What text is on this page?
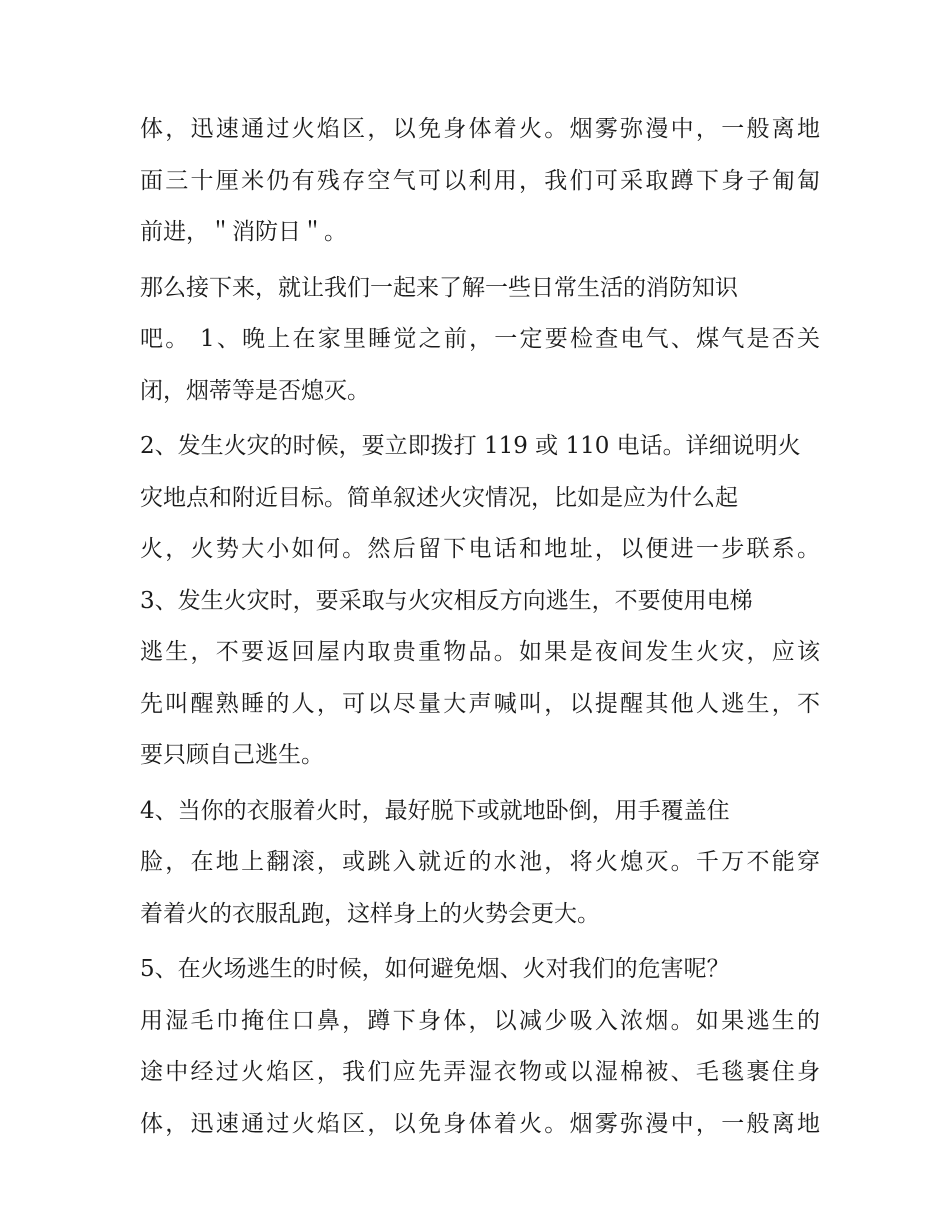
体，迅速通过火焰区，以免身体着火。烟雾弥漫中，一般离地
面三十厘米仍有残存空气可以利用，我们可采取蹲下身子匍匐
前进，＂消防日＂。
那么接下来，就让我们一起来了解一些日常生活的消防知识
吧。 1、晚上在家里睡觉之前，一定要检查电气、煤气是否关
闭，烟蒂等是否熄灭。
2、发生火灾的时候，要立即拨打 119 或 110 电话。详细说明火
灾地点和附近目标。简单叙述火灾情况，比如是应为什么起
火，火势大小如何。然后留下电话和地址，以便进一步联系。
3、发生火灾时，要采取与火灾相反方向逃生，不要使用电梯
逃生，不要返回屋内取贵重物品。如果是夜间发生火灾，应该
先叫醒熟睡的人，可以尽量大声喊叫，以提醒其他人逃生，不
要只顾自己逃生。
4、当你的衣服着火时，最好脱下或就地卧倒，用手覆盖住
脸，在地上翻滚，或跳入就近的水池，将火熄灭。千万不能穿
着着火的衣服乱跑，这样身上的火势会更大。
5、在火场逃生的时候，如何避免烟、火对我们的危害呢？
用湿毛巾掩住口鼻，蹲下身体，以减少吸入浓烟。如果逃生的
途中经过火焰区，我们应先弄湿衣物或以湿棉被、毛毯裹住身
体，迅速通过火焰区，以免身体着火。烟雾弥漫中，一般离地
